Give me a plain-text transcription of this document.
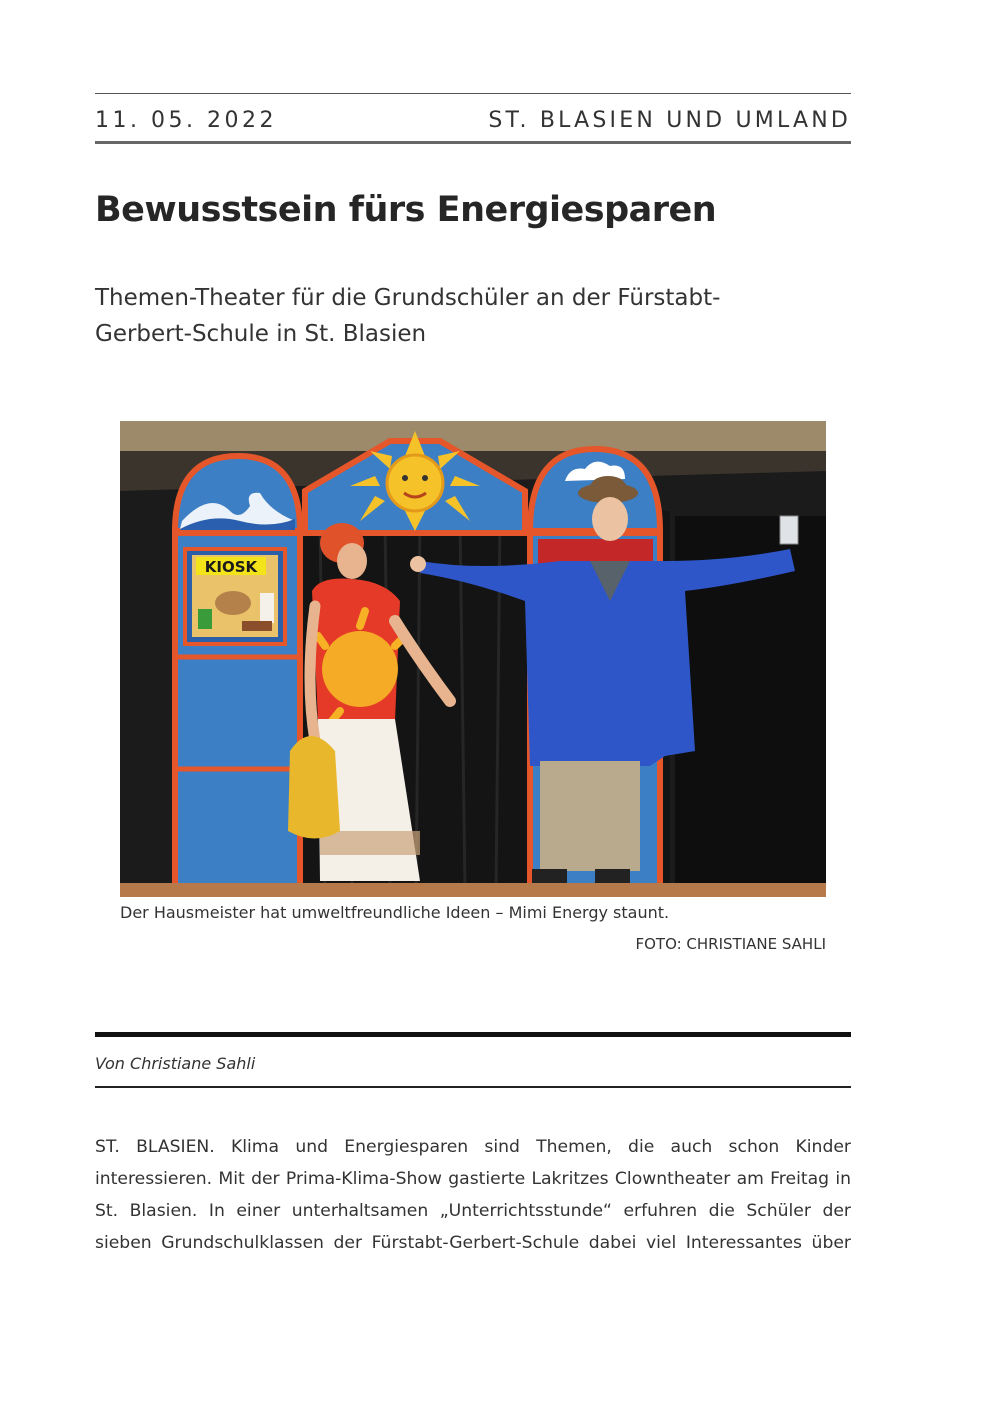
11. 05. 2022	ST. BLASIEN UND UMLAND
Bewusstsein fürs Energiesparen

Themen-Theater für die Grundschüler an der Fürstabt-Gerbert-Schule in St. Blasien

KIOSK
Der Hausmeister hat umweltfreundliche Ideen – Mimi Energy staunt.
FOTO: CHRISTIANE SAHLI
Von Christiane Sahli

ST. BLASIEN. Klima und Energiesparen sind Themen, die auch schon Kinder interessieren. Mit der Prima-Klima-Show gastierte Lakritzes Clowntheater am Freitag in St. Blasien. In einer unterhaltsamen „Unterrichtsstunde“ erfuhren die Schüler der sieben Grundschulklassen der Fürstabt-Gerbert-Schule dabei viel Interessantes über
